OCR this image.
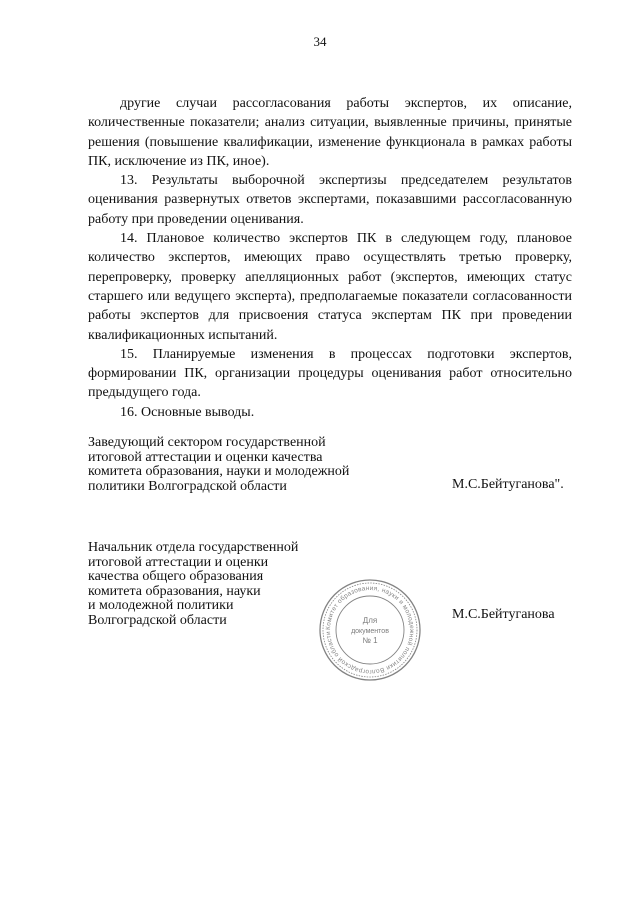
34

другие случаи рассогласования работы экспертов, их описание, количественные показатели; анализ ситуации, выявленные причины, принятые решения (повышение квалификации, изменение функционала в рамках работы ПК, исключение из ПК, иное).

13. Результаты выборочной экспертизы председателем результатов оценивания развернутых ответов экспертами, показавшими рассогласованную работу при проведении оценивания.

14. Плановое количество экспертов ПК в следующем году, плановое количество экспертов, имеющих право осуществлять третью проверку, перепроверку, проверку апелляционных работ (экспертов, имеющих статус старшего или ведущего эксперта), предполагаемые показатели согласованности работы экспертов для присвоения статуса экспертам ПК при проведении квалификационных испытаний.

15. Планируемые изменения в процессах подготовки экспертов, формировании ПК, организации процедуры оценивания работ относительно предыдущего года.

16. Основные выводы.

Заведующий сектором государственной
итоговой аттестации и оценки качества
комитета образования, науки и молодежной
политики Волгоградской области	М.С.Бейтуганова".
Начальник отдела государственной
итоговой аттестации и оценки
качества общего образования
комитета образования, науки
и молодежной политики
Волгоградской области	М.С.Бейтуганова
Комитет образования, науки и молодежной политики Волгоградской области
Для
документов
№ 1
